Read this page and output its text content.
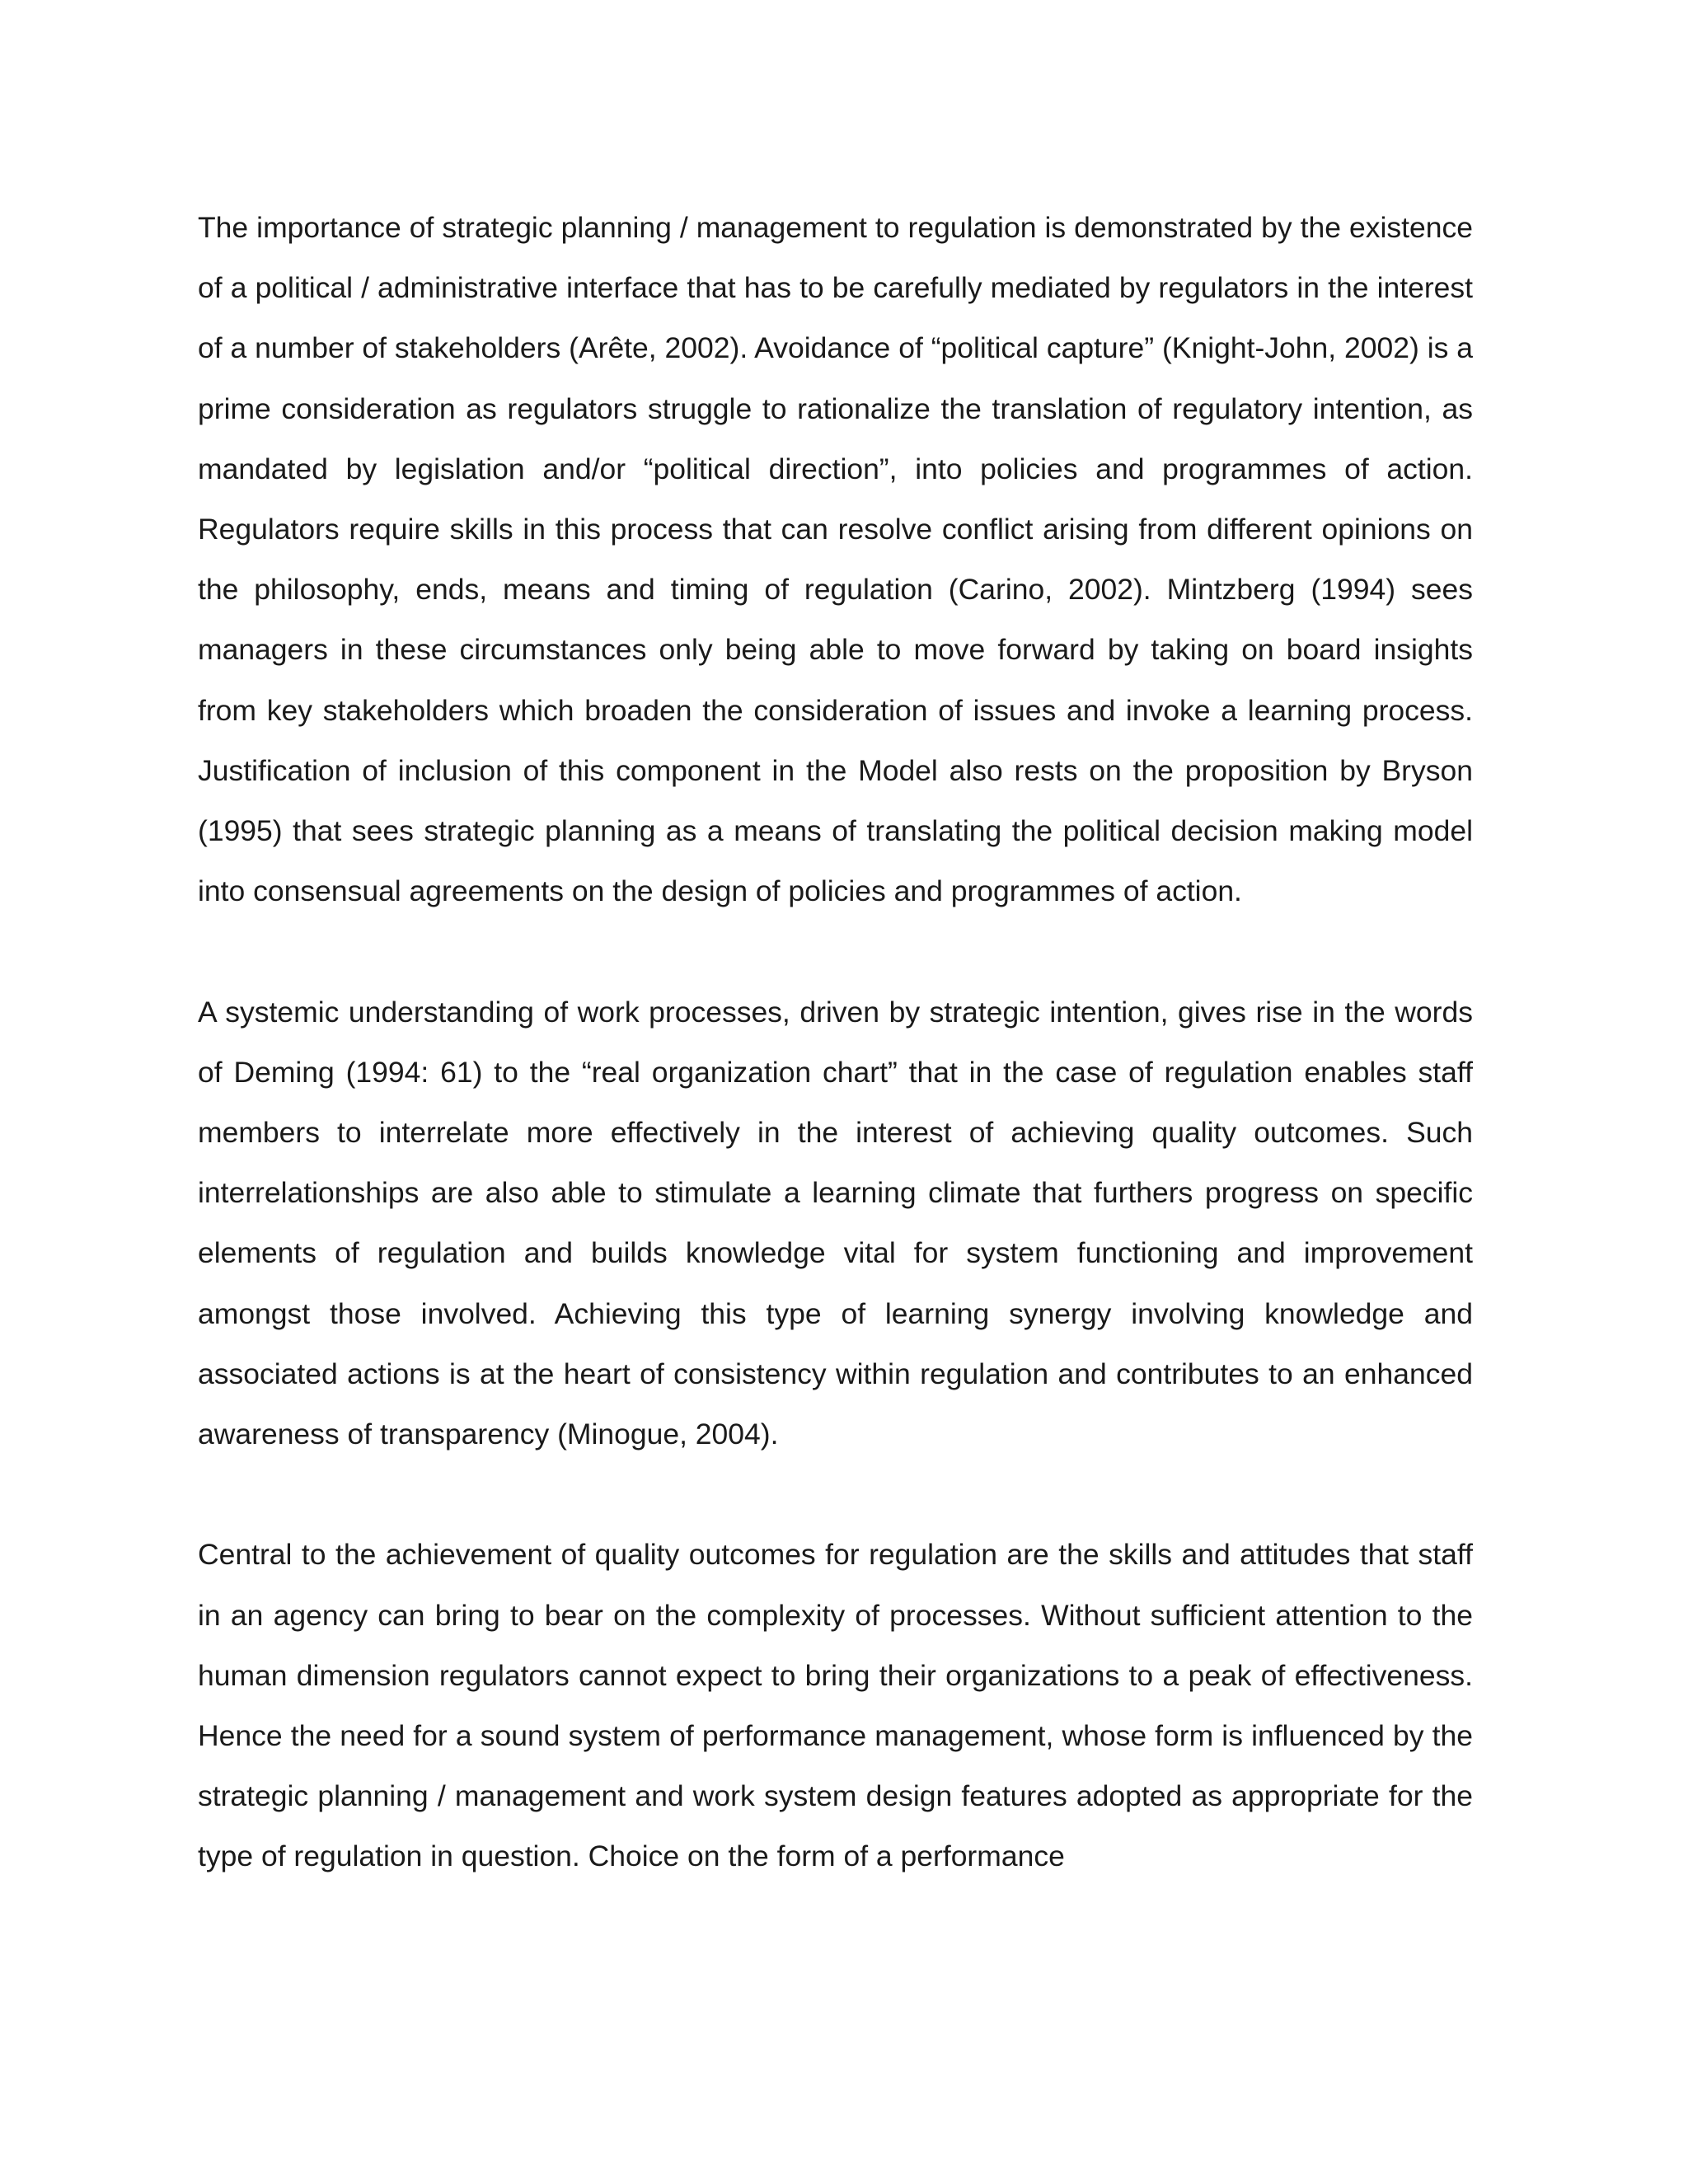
The importance of strategic planning / management to regulation is demonstrated by the existence of a political / administrative interface that has to be carefully mediated by regulators in the interest of a number of stakeholders (Arête, 2002). Avoidance of “political capture” (Knight-John, 2002) is a prime consideration as regulators struggle to rationalize the translation of regulatory intention, as mandated by legislation and/or “political direction”, into policies and programmes of action. Regulators require skills in this process that can resolve conflict arising from different opinions on the philosophy, ends, means and timing of regulation (Carino, 2002). Mintzberg (1994) sees managers in these circumstances only being able to move forward by taking on board insights from key stakeholders which broaden the consideration of issues and invoke a learning process. Justification of inclusion of this component in the Model also rests on the proposition by Bryson (1995) that sees strategic planning as a means of translating the political decision making model into consensual agreements on the design of policies and programmes of action.

A systemic understanding of work processes, driven by strategic intention, gives rise in the words of Deming (1994: 61) to the “real organization chart” that in the case of regulation enables staff members to interrelate more effectively in the interest of achieving quality outcomes. Such interrelationships are also able to stimulate a learning climate that furthers progress on specific elements of regulation and builds knowledge vital for system functioning and improvement amongst those involved. Achieving this type of learning synergy involving knowledge and associated actions is at the heart of consistency within regulation and contributes to an enhanced awareness of transparency (Minogue, 2004).

Central to the achievement of quality outcomes for regulation are the skills and attitudes that staff in an agency can bring to bear on the complexity of processes. Without sufficient attention to the human dimension regulators cannot expect to bring their organizations to a peak of effectiveness. Hence the need for a sound system of performance management, whose form is influenced by the strategic planning / management and work system design features adopted as appropriate for the type of regulation in question. Choice on the form of a performance
